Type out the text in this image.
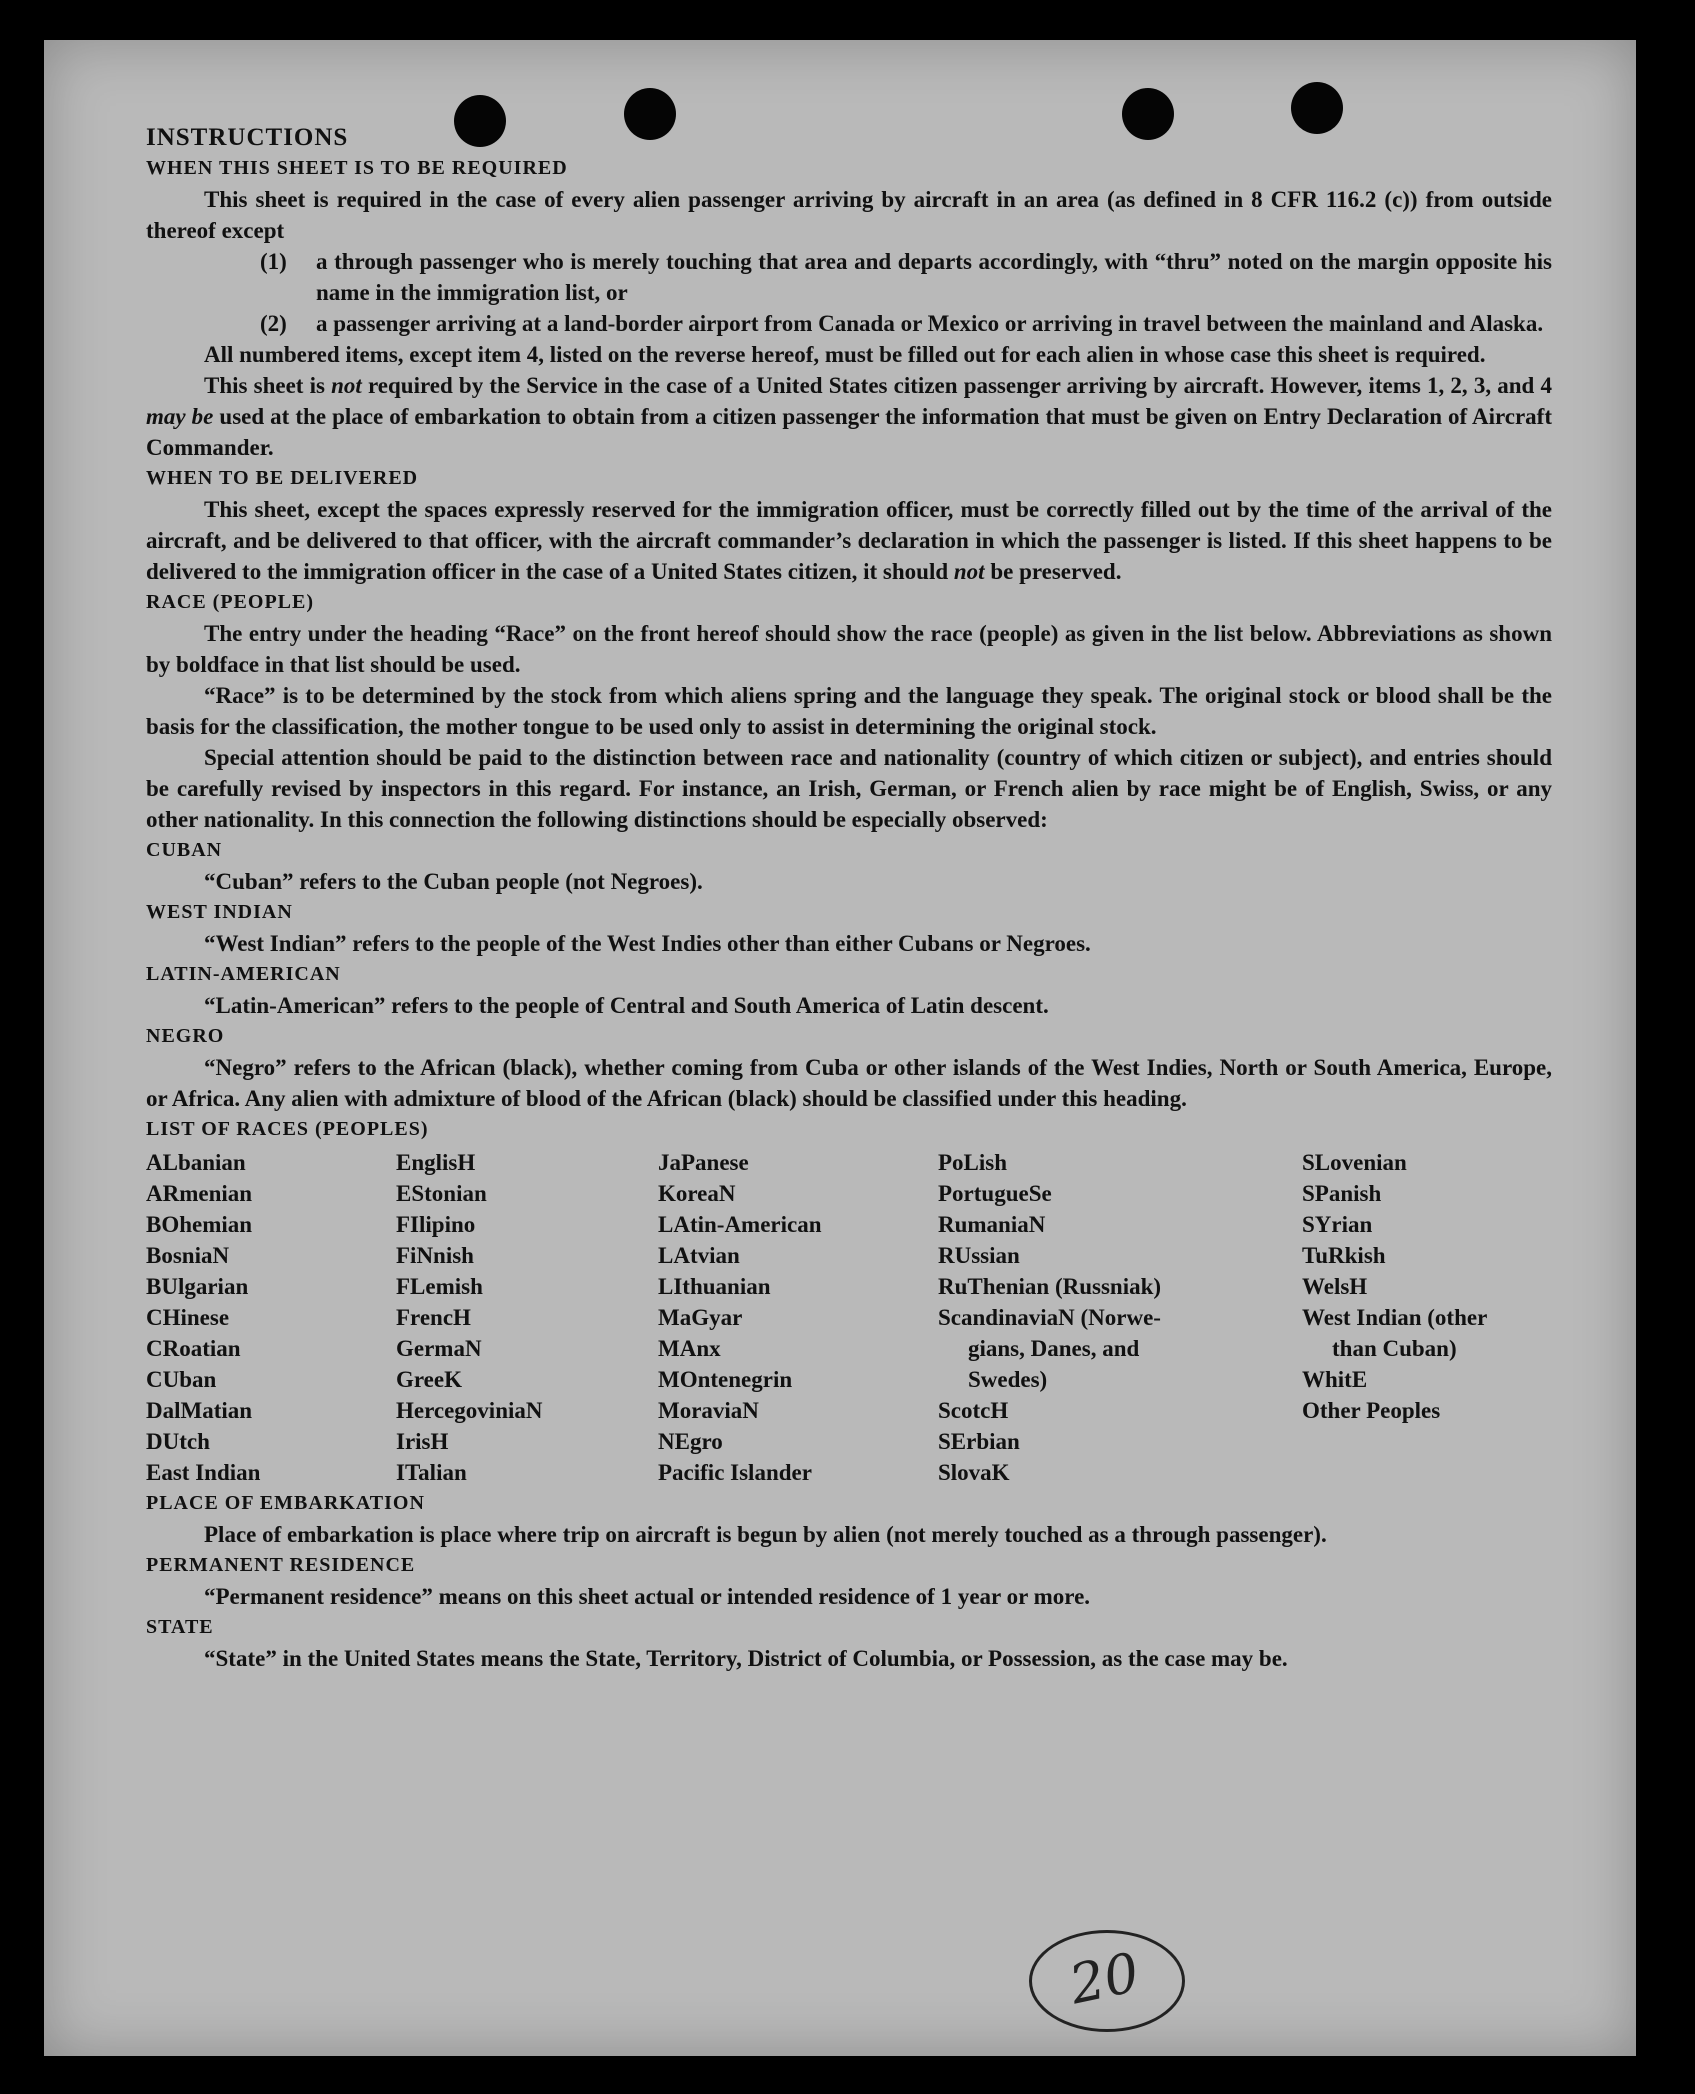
INSTRUCTIONS

WHEN THIS SHEET IS TO BE REQUIRED

This sheet is required in the case of every alien passenger arriving by aircraft in an area (as defined in 8 CFR 116.2 (c)) from outside thereof except

(1)	a through passenger who is merely touching that area and departs accordingly, with “thru” noted on the margin opposite his name in the immigration list, or
(2)	a passenger arriving at a land-border airport from Canada or Mexico or arriving in travel between the mainland and Alaska.

All numbered items, except item 4, listed on the reverse hereof, must be filled out for each alien in whose case this sheet is required.

This sheet is not required by the Service in the case of a United States citizen passenger arriving by aircraft. However, items 1, 2, 3, and 4 may be used at the place of embarkation to obtain from a citizen passenger the information that must be given on Entry Declaration of Aircraft Commander.

WHEN TO BE DELIVERED

This sheet, except the spaces expressly reserved for the immigration officer, must be correctly filled out by the time of the arrival of the aircraft, and be delivered to that officer, with the aircraft commander’s declaration in which the passenger is listed. If this sheet happens to be delivered to the immigration officer in the case of a United States citizen, it should not be preserved.

RACE (PEOPLE)

The entry under the heading “Race” on the front hereof should show the race (people) as given in the list below. Abbreviations as shown by boldface in that list should be used.

“Race” is to be determined by the stock from which aliens spring and the language they speak. The original stock or blood shall be the basis for the classification, the mother tongue to be used only to assist in determining the original stock.

Special attention should be paid to the distinction between race and nationality (country of which citizen or subject), and entries should be carefully revised by inspectors in this regard. For instance, an Irish, German, or French alien by race might be of English, Swiss, or any other nationality. In this connection the following distinctions should be especially observed:

CUBAN

“Cuban” refers to the Cuban people (not Negroes).

WEST INDIAN

“West Indian” refers to the people of the West Indies other than either Cubans or Negroes.

LATIN-AMERICAN

“Latin-American” refers to the people of Central and South America of Latin descent.

NEGRO

“Negro” refers to the African (black), whether coming from Cuba or other islands of the West Indies, North or South America, Europe, or Africa. Any alien with admixture of blood of the African (black) should be classified under this heading.

LIST OF RACES (PEOPLES)

ALbanian
ARmenian
BOhemian
BosniaN
BUlgarian
CHinese
CRoatian
CUban
DalMatian
DUtch
East Indian
EnglisH
EStonian
FIlipino
FiNnish
FLemish
FrencH
GermaN
GreeK
HercegoviniaN
IrisH
ITalian
JaPanese
KoreaN
LAtin-American
LAtvian
LIthuanian
MaGyar
MAnx
MOntenegrin
MoraviaN
NEgro
Pacific Islander
PoLish
PortugueSe
RumaniaN
RUssian
RuThenian (Russniak)
ScandinaviaN (Norwe-
gians, Danes, and
Swedes)
ScotcH
SErbian
SlovaK
SLovenian
SPanish
SYrian
TuRkish
WelsH
West Indian (other
than Cuban)
WhitE
Other Peoples

PLACE OF EMBARKATION

Place of embarkation is place where trip on aircraft is begun by alien (not merely touched as a through passenger).

PERMANENT RESIDENCE

“Permanent residence” means on this sheet actual or intended residence of 1 year or more.

STATE

“State” in the United States means the State, Territory, District of Columbia, or Possession, as the case may be.

20
